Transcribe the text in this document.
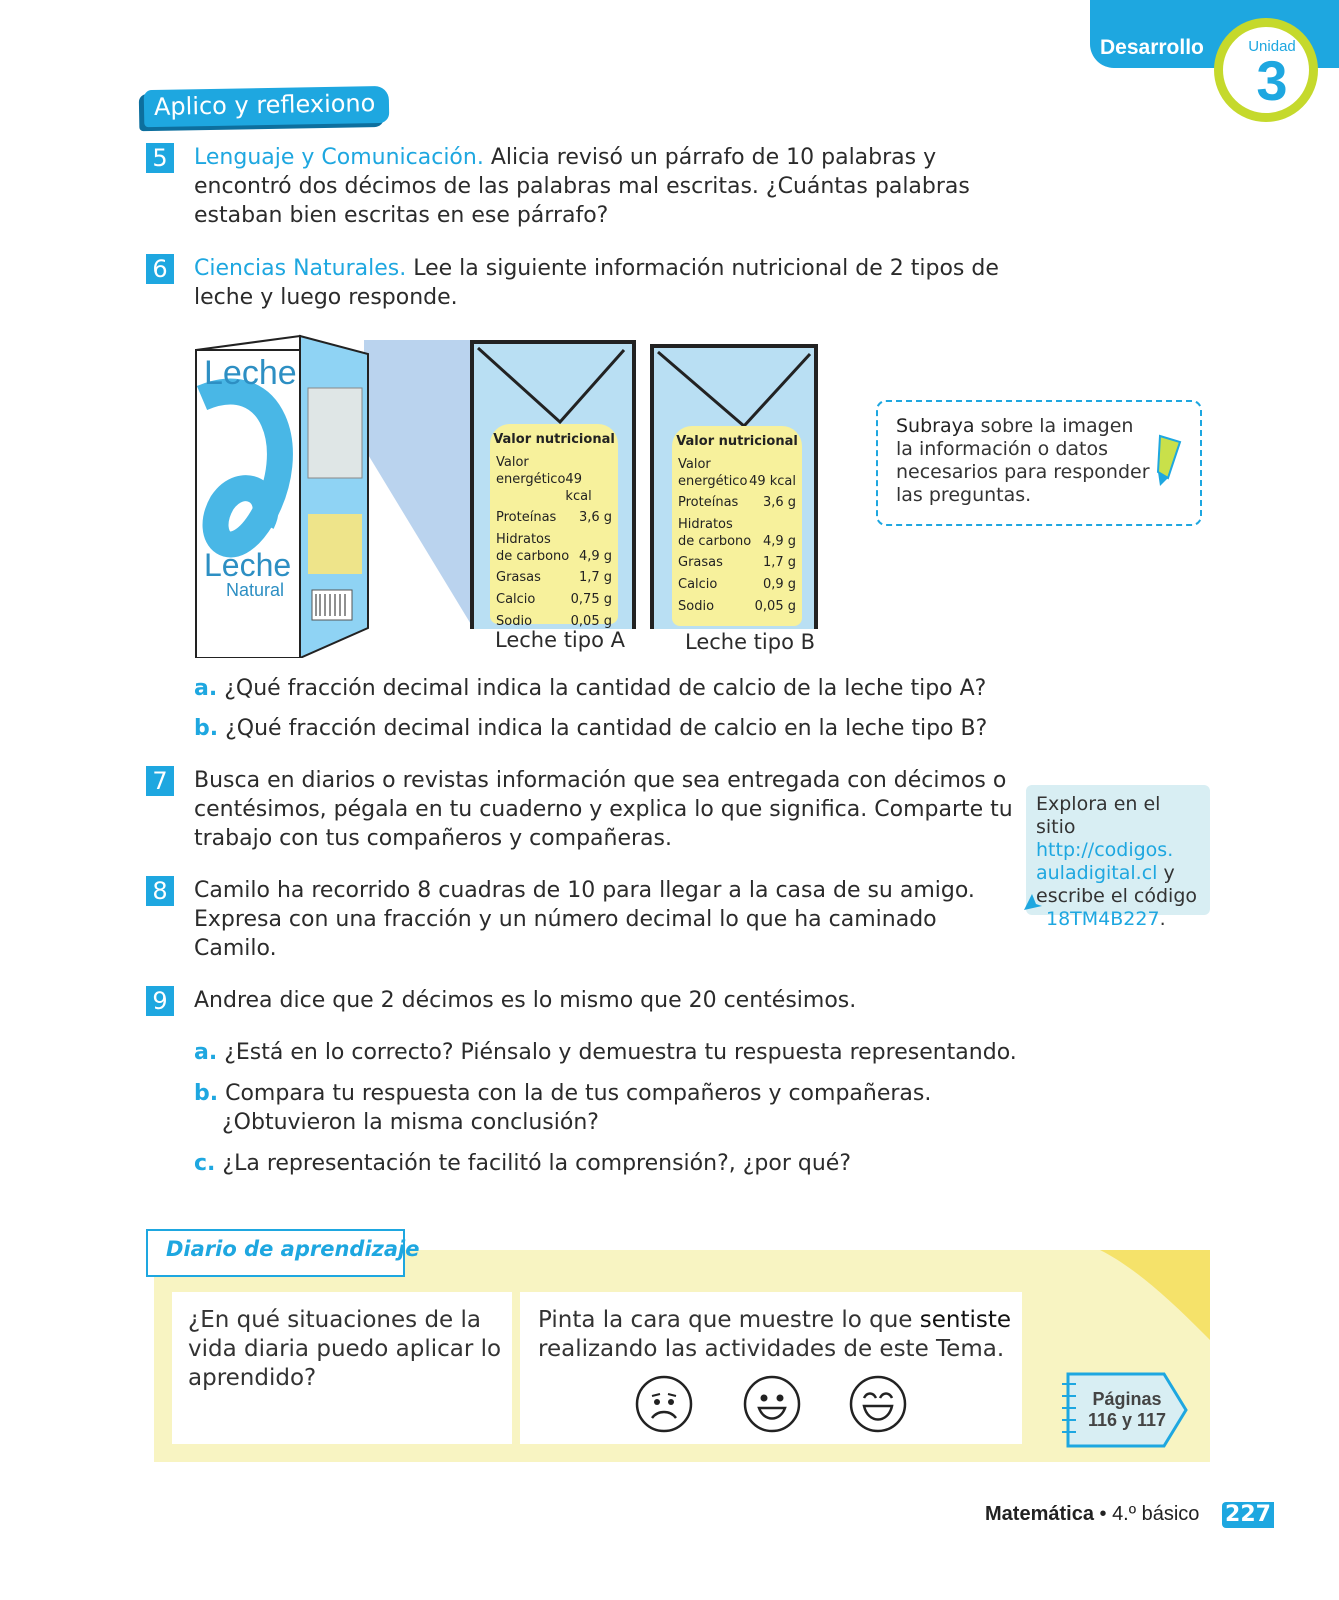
Desarrollo	Unidad
3
Aplico y reflexiono
5 Lenguaje y Comunicación. Alicia revisó un párrafo de 10 palabras y
encontró dos décimos de las palabras mal escritas. ¿Cuántas palabras
estaban bien escritas en ese párrafo?
6 Ciencias Naturales. Lee la siguiente información nutricional de 2 tipos de
leche y luego responde.
Leche
Leche
Natural
Valor nutricional
Valor
energético 49 kcal
Proteínas 3,6 g
Hidratos
de carbono 4,9 g
Grasas	1,7 g
Calcio	0,75 g
Sodio	0,05 g
Leche tipo A
Valor nutricional
Valor
energético 49 kcal
Proteínas 3,6 g
Hidratos
de carbono 4,9 g
Grasas	1,7 g
Calcio	0,9 g
Sodio	0,05 g
Leche tipo B
Subraya sobre la imagen
la información o datos
necesarios para responder
las preguntas.
a. ¿Qué fracción decimal indica la cantidad de calcio de la leche tipo A?
b. ¿Qué fracción decimal indica la cantidad de calcio en la leche tipo B?
7 Busca en diarios o revistas información que sea entregada con décimos o
centésimos, pégala en tu cuaderno y explica lo que significa. Comparte tu
trabajo con tus compañeros y compañeras.
Explora en el sitio
http://codigos.
auladigital.cl y
escribe el código
18TM4B227.
8 Camilo ha recorrido 8 cuadras de 10 para llegar a la casa de su amigo.
Expresa con una fracción y un número decimal lo que ha caminado
Camilo.
9 Andrea dice que 2 décimos es lo mismo que 20 centésimos.
a. ¿Está en lo correcto? Piénsalo y demuestra tu respuesta representando.
b. Compara tu respuesta con la de tus compañeros y compañeras.
¿Obtuvieron la misma conclusión?
c. ¿La representación te facilitó la comprensión?, ¿por qué?
Diario de aprendizaje
¿En qué situaciones de la
vida diaria puedo aplicar lo
aprendido?
Pinta la cara que muestre lo que sentiste
realizando las actividades de este Tema.
Páginas
116 y 117
Matemática • 4.º básico 227
